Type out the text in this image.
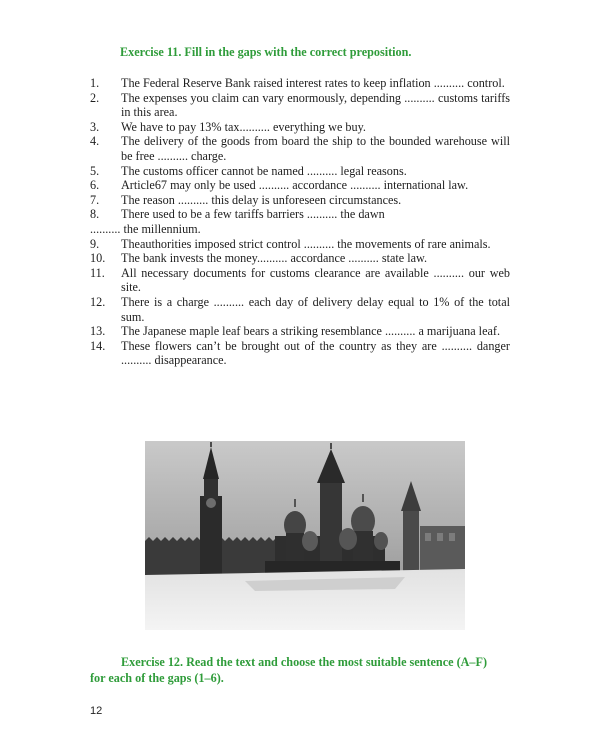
Exercise 11. Fill in the gaps with the correct preposition.
1.	The Federal Reserve Bank raised interest rates to keep inflation .......... control.
2.	The expenses you claim can vary enormously, depending .......... customs tariffs in this area.
3.	We have to pay 13% tax.......... everything we buy.
4.	The delivery of the goods from board the ship to the bounded warehouse will be free .......... charge.
5.	The customs officer cannot be named .......... legal reasons.
6.	Article67 may only be used .......... accordance .......... international law.
7.	The reason .......... this delay is unforeseen circumstances.
8.	There used to be a few tariffs barriers .......... the dawn
.......... the millennium.
9.	Theauthorities imposed strict control .......... the movements of rare animals.
10.	The bank invests the money.......... accordance .......... state law.
11.	All necessary documents for customs clearance are available .......... our web site.
12.	There is a charge .......... each day of delivery delay equal to 1% of the total sum.
13.	The Japanese maple leaf bears a striking resemblance .......... a marijuana leaf.
14.	These flowers can’t be brought out of the country as they are .......... danger .......... disappearance.
Exercise 12. Read the text and choose the most suitable sentence (A–F)
for each of the gaps (1–6).
12
